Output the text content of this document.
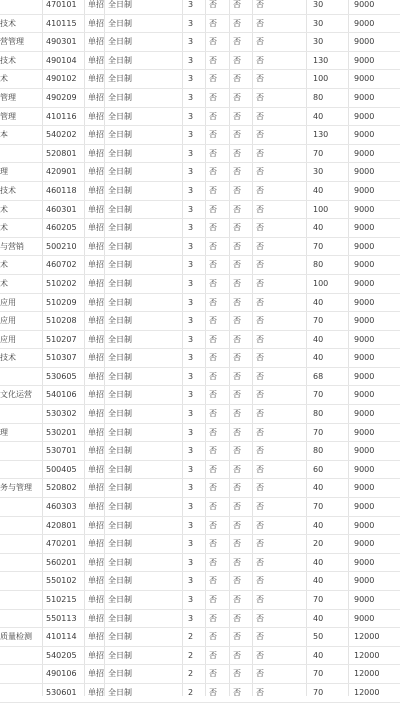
470101	单招 全日制	3 否	否	否	30	9000
技术	410115	单招 全日制	3 否	否	否	30	9000
营管理	490301	单招 全日制	3 否	否	否	30	9000
技术	490104	单招 全日制	3 否	否	否	130	9000
术	490102	单招 全日制	3 否	否	否	100	9000
管理	490209	单招 全日制	3 否	否	否	80	9000
管理	410116	单招 全日制	3 否	否	否	40	9000
本	540202	单招 全日制	3 否	否	否	130	9000
520801	单招 全日制	3 否	否	否	70	9000
理	420901	单招 全日制	3 否	否	否	30	9000
技术	460118	单招 全日制	3 否	否	否	40	9000
术	460301	单招 全日制	3 否	否	否	100	9000
术	460205	单招 全日制	3 否	否	否	40	9000
与营销	500210	单招 全日制	3 否	否	否	70	9000
术	460702	单招 全日制	3 否	否	否	80	9000
术	510202	单招 全日制	3 否	否	否	100	9000
应用	510209	单招 全日制	3 否	否	否	40	9000
应用	510208	单招 全日制	3 否	否	否	70	9000
应用	510207	单招 全日制	3 否	否	否	40	9000
技术	510307	单招 全日制	3 否	否	否	40	9000
530605	单招 全日制	3 否	否	否	68	9000
文化运营	540106	单招 全日制	3 否	否	否	70	9000
530302	单招 全日制	3 否	否	否	80	9000
理	530201	单招 全日制	3 否	否	否	70	9000
530701	单招 全日制	3 否	否	否	80	9000
500405	单招 全日制	3 否	否	否	60	9000
务与管理	520802	单招 全日制	3 否	否	否	40	9000
460303	单招 全日制	3 否	否	否	70	9000
420801	单招 全日制	3 否	否	否	40	9000
470201	单招 全日制	3 否	否	否	20	9000
560201	单招 全日制	3 否	否	否	40	9000
550102	单招 全日制	3 否	否	否	40	9000
510215	单招 全日制	3 否	否	否	70	9000
550113	单招 全日制	3 否	否	否	40	9000
质量检测	410114	单招 全日制	2 否	否	否	50	12000
540205	单招 全日制	2 否	否	否	40	12000
490106	单招 全日制	2 否	否	否	70	12000
530601	单招 全日制	2 否	否	否	70	12000
